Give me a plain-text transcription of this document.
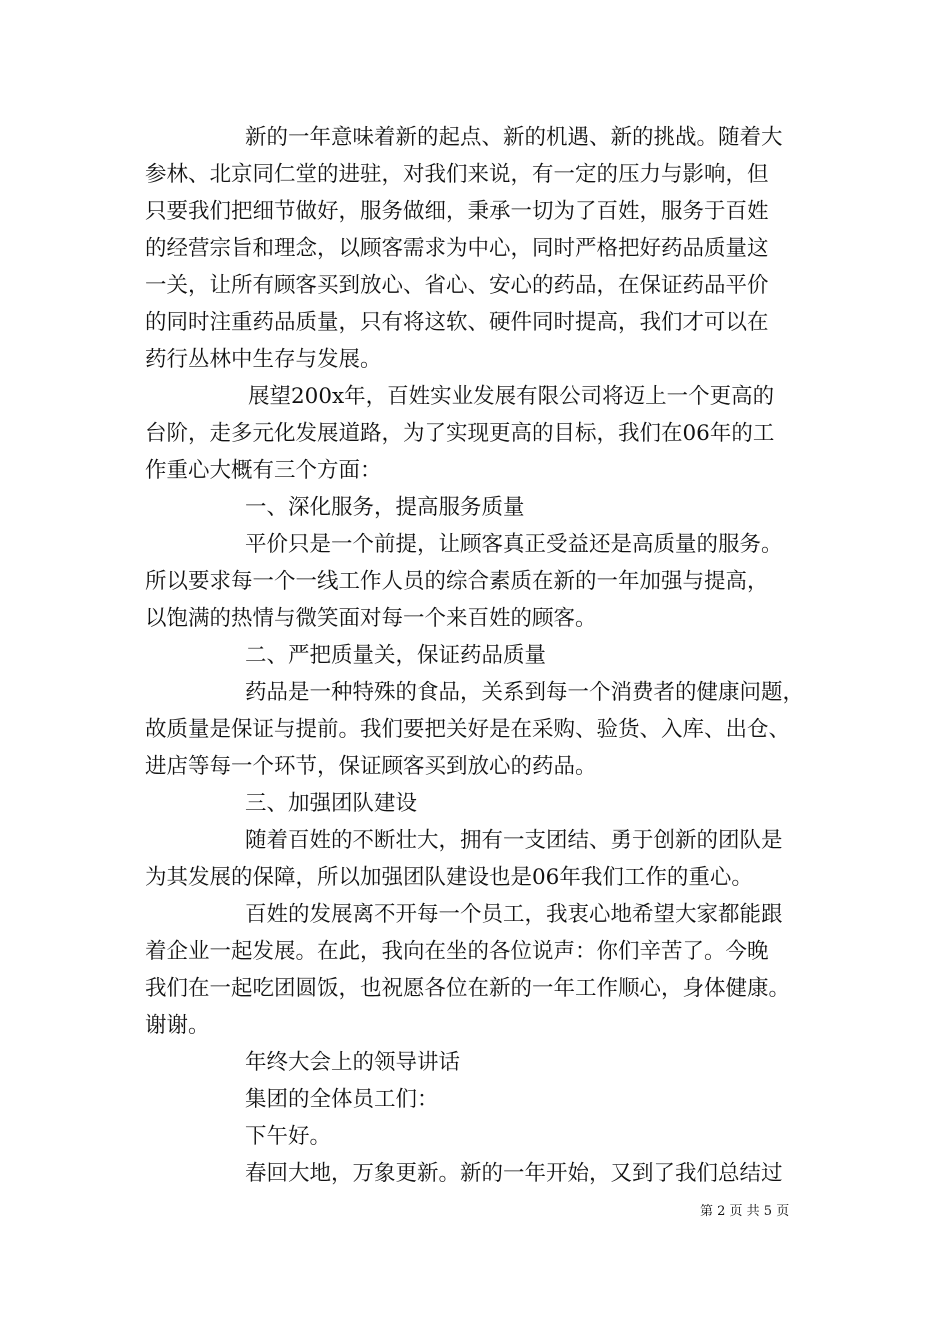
新的一年意味着新的起点、新的机遇、新的挑战。随着大
参林、北京同仁堂的进驻，对我们来说，有一定的压力与影响，但
只要我们把细节做好，服务做细，秉承一切为了百姓，服务于百姓
的经营宗旨和理念，以顾客需求为中心，同时严格把好药品质量这
一关，让所有顾客买到放心、省心、安心的药品，在保证药品平价
的同时注重药品质量，只有将这软、硬件同时提高，我们才可以在
药行丛林中生存与发展。
展望200x年，百姓实业发展有限公司将迈上一个更高的
台阶，走多元化发展道路，为了实现更高的目标，我们在06年的工
作重心大概有三个方面：
一、深化服务，提高服务质量
平价只是一个前提，让顾客真正受益还是高质量的服务。
所以要求每一个一线工作人员的综合素质在新的一年加强与提高，
以饱满的热情与微笑面对每一个来百姓的顾客。
二、严把质量关，保证药品质量
药品是一种特殊的食品，关系到每一个消费者的健康问题，
故质量是保证与提前。我们要把关好是在采购、验货、入库、出仓、
进店等每一个环节，保证顾客买到放心的药品。
三、加强团队建设
随着百姓的不断壮大，拥有一支团结、勇于创新的团队是
为其发展的保障，所以加强团队建设也是06年我们工作的重心。
百姓的发展离不开每一个员工，我衷心地希望大家都能跟
着企业一起发展。在此，我向在坐的各位说声：你们辛苦了。今晚
我们在一起吃团圆饭，也祝愿各位在新的一年工作顺心，身体健康。
谢谢。
年终大会上的领导讲话
集团的全体员工们：
下午好。
春回大地，万象更新。新的一年开始，又到了我们总结过
第 2 页 共 5 页
